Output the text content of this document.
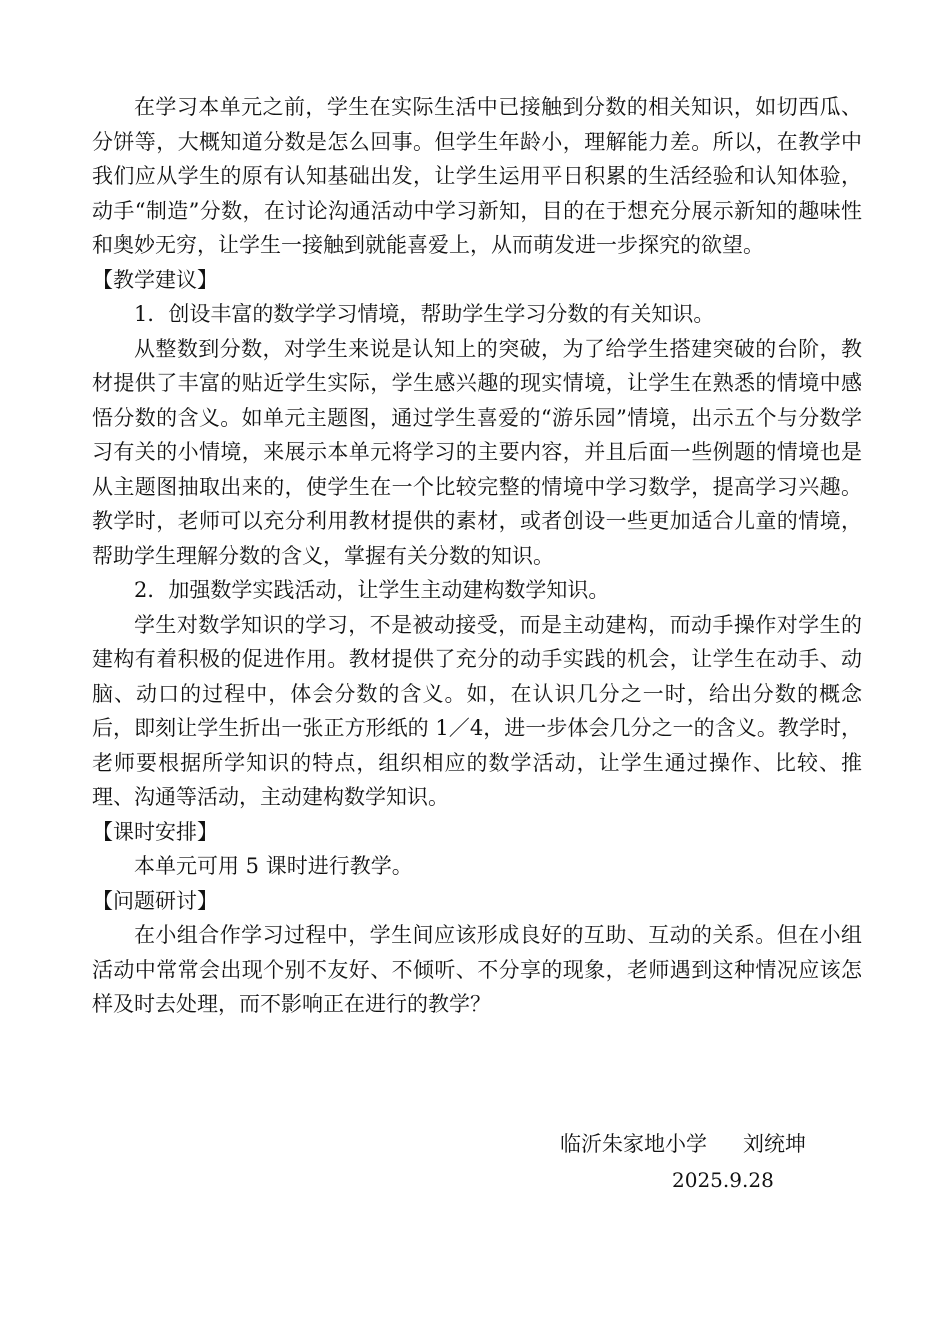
在学习本单元之前，学生在实际生活中已接触到分数的相关知识，如切西瓜、分饼等，大概知道分数是怎么回事。但学生年龄小，理解能力差。所以，在教学中我们应从学生的原有认知基础出发，让学生运用平日积累的生活经验和认知体验，动手“制造”分数，在讨论沟通活动中学习新知，目的在于想充分展示新知的趣味性和奥妙无穷，让学生一接触到就能喜爱上，从而萌发进一步探究的欲望。

【教学建议】

1．创设丰富的数学学习情境，帮助学生学习分数的有关知识。

从整数到分数，对学生来说是认知上的突破，为了给学生搭建突破的台阶，教材提供了丰富的贴近学生实际，学生感兴趣的现实情境，让学生在熟悉的情境中感悟分数的含义。如单元主题图，通过学生喜爱的“游乐园”情境，出示五个与分数学习有关的小情境，来展示本单元将学习的主要内容，并且后面一些例题的情境也是从主题图抽取出来的，使学生在一个比较完整的情境中学习数学，提高学习兴趣。教学时，老师可以充分利用教材提供的素材，或者创设一些更加适合儿童的情境，帮助学生理解分数的含义，掌握有关分数的知识。

2．加强数学实践活动，让学生主动建构数学知识。

学生对数学知识的学习，不是被动接受，而是主动建构，而动手操作对学生的建构有着积极的促进作用。教材提供了充分的动手实践的机会，让学生在动手、动脑、动口的过程中，体会分数的含义。如，在认识几分之一时，给出分数的概念后，即刻让学生折出一张正方形纸的 1／4，进一步体会几分之一的含义。教学时，老师要根据所学知识的特点，组织相应的数学活动，让学生通过操作、比较、推理、沟通等活动，主动建构数学知识。

【课时安排】

本单元可用 5 课时进行教学。

【问题研讨】

在小组合作学习过程中，学生间应该形成良好的互助、互动的关系。但在小组活动中常常会出现个别不友好、不倾听、不分享的现象，老师遇到这种情况应该怎样及时去处理，而不影响正在进行的教学？

临沂朱家地小学 刘统坤
2025.9.28
